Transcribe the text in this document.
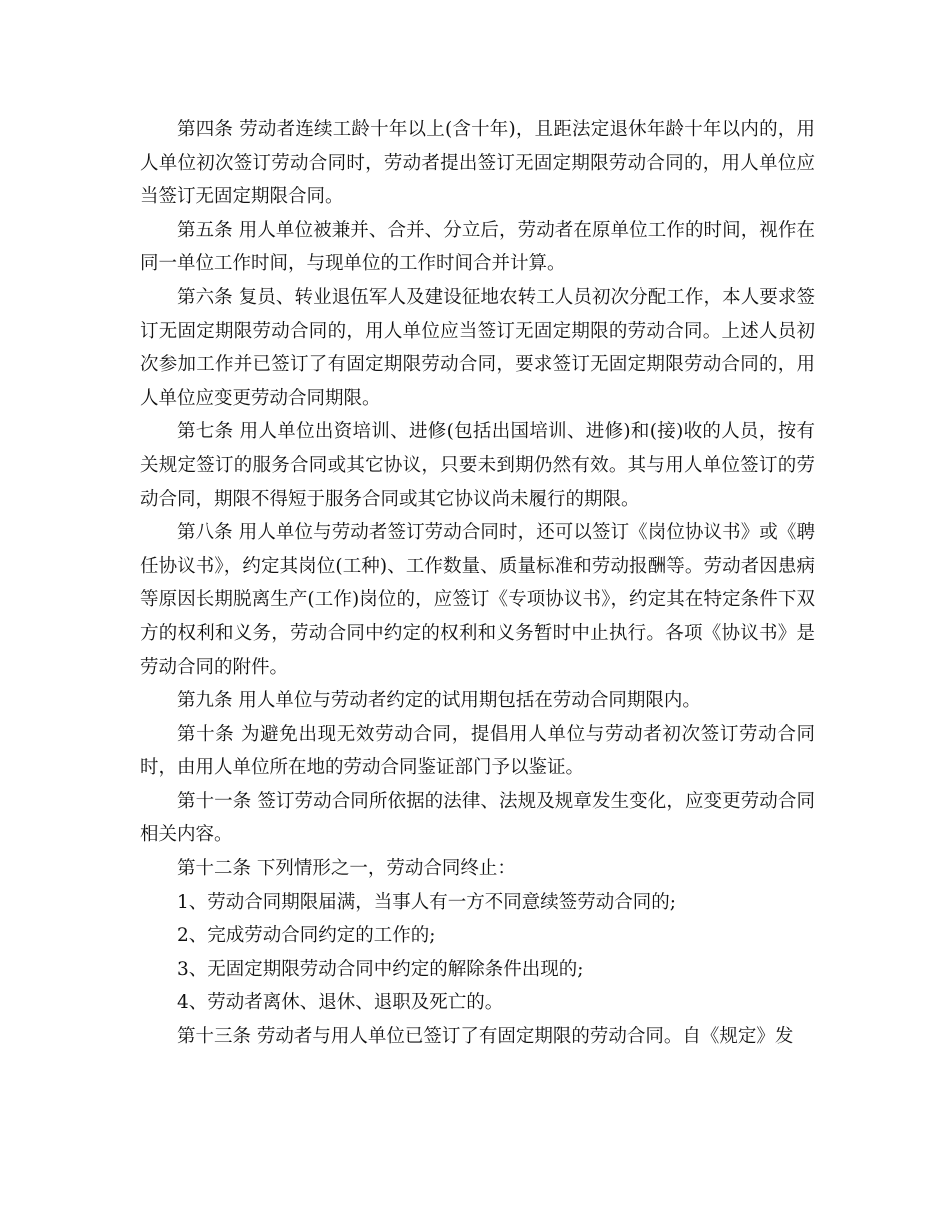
第四条 劳动者连续工龄十年以上(含十年)，且距法定退休年龄十年以内的，用人单位初次签订劳动合同时，劳动者提出签订无固定期限劳动合同的，用人单位应当签订无固定期限合同。

第五条 用人单位被兼并、合并、分立后，劳动者在原单位工作的时间，视作在同一单位工作时间，与现单位的工作时间合并计算。

第六条 复员、转业退伍军人及建设征地农转工人员初次分配工作，本人要求签订无固定期限劳动合同的，用人单位应当签订无固定期限的劳动合同。上述人员初次参加工作并已签订了有固定期限劳动合同，要求签订无固定期限劳动合同的，用人单位应变更劳动合同期限。

第七条 用人单位出资培训、进修(包括出国培训、进修)和(接)收的人员，按有关规定签订的服务合同或其它协议，只要未到期仍然有效。其与用人单位签订的劳动合同，期限不得短于服务合同或其它协议尚未履行的期限。

第八条 用人单位与劳动者签订劳动合同时，还可以签订《岗位协议书》或《聘任协议书》，约定其岗位(工种)、工作数量、质量标准和劳动报酬等。劳动者因患病等原因长期脱离生产(工作)岗位的，应签订《专项协议书》，约定其在特定条件下双方的权利和义务，劳动合同中约定的权利和义务暂时中止执行。各项《协议书》是劳动合同的附件。

第九条 用人单位与劳动者约定的试用期包括在劳动合同期限内。

第十条 为避免出现无效劳动合同，提倡用人单位与劳动者初次签订劳动合同时，由用人单位所在地的劳动合同鉴证部门予以鉴证。

第十一条 签订劳动合同所依据的法律、法规及规章发生变化，应变更劳动合同相关内容。

第十二条 下列情形之一，劳动合同终止：

1、劳动合同期限届满，当事人有一方不同意续签劳动合同的;

2、完成劳动合同约定的工作的;

3、无固定期限劳动合同中约定的解除条件出现的;

4、劳动者离休、退休、退职及死亡的。

第十三条 劳动者与用人单位已签订了有固定期限的劳动合同。自《规定》发
